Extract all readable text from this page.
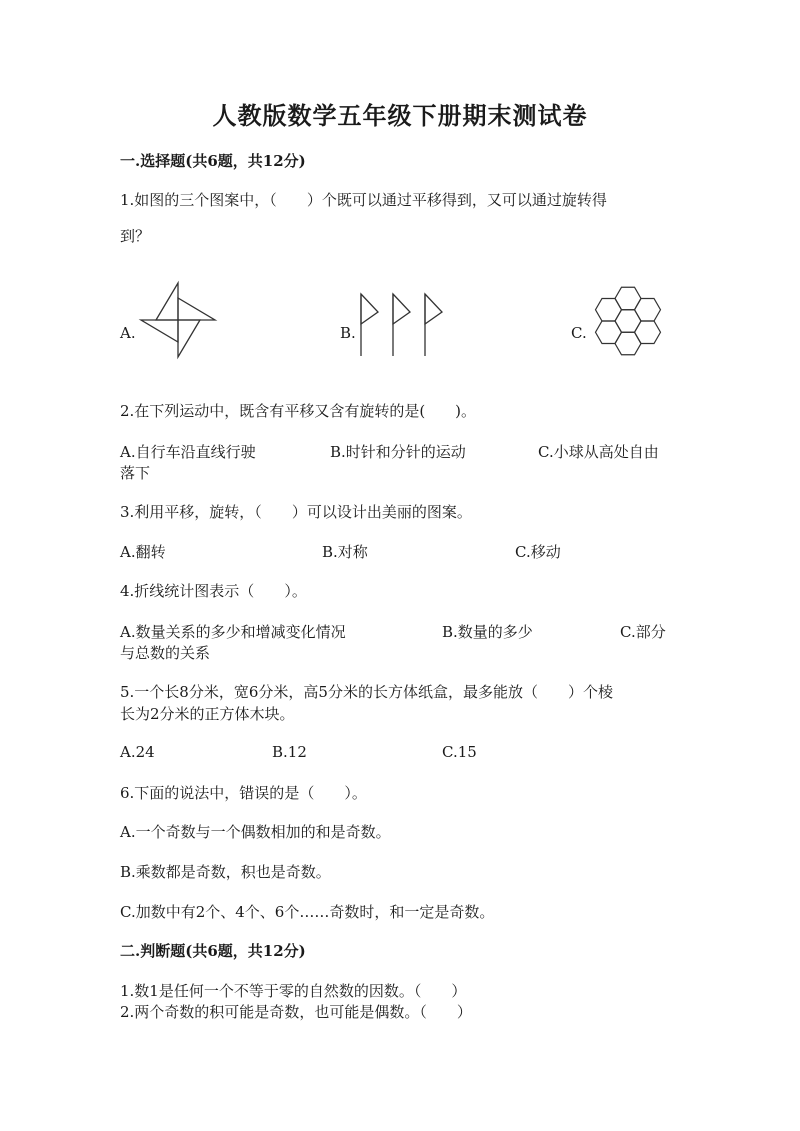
人教版数学五年级下册期末测试卷
一.选择题(共6题，共12分)
1.如图的三个图案中，（　　）个既可以通过平移得到，又可以通过旋转得
到？
A.	B.	C.
2.在下列运动中，既含有平移又含有旋转的是(　　)。
A.自行车沿直线行驶	B.时针和分针的运动	C.小球从高处自由
落下
3.利用平移，旋转，（　　）可以设计出美丽的图案。
A.翻转	B.对称	C.移动
4.折线统计图表示（　　）。
A.数量关系的多少和增减变化情况	B.数量的多少	C.部分
与总数的关系
5.一个长8分米，宽6分米，高5分米的长方体纸盒，最多能放（　　）个棱
长为2分米的正方体木块。
A.24	B.12	C.15
6.下面的说法中，错误的是（　　）。
A.一个奇数与一个偶数相加的和是奇数。
B.乘数都是奇数，积也是奇数。
C.加数中有2个、4个、6个……奇数时，和一定是奇数。
二.判断题(共6题，共12分)
1.数1是任何一个不等于零的自然数的因数。（　　）
2.两个奇数的积可能是奇数，也可能是偶数。（　　）
